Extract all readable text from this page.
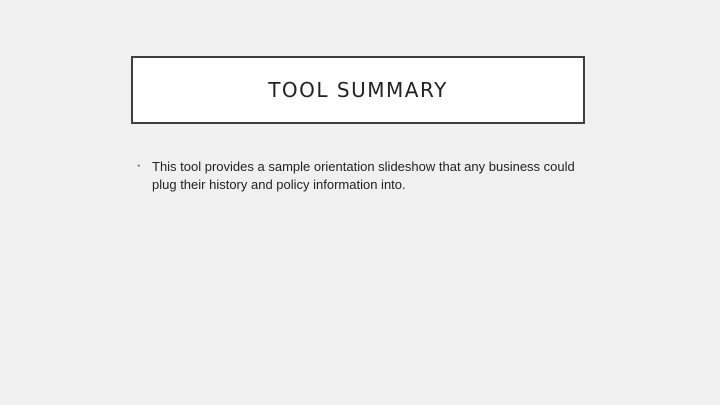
TOOL SUMMARY
• This tool provides a sample orientation slideshow that any business could plug their history and policy information into.
